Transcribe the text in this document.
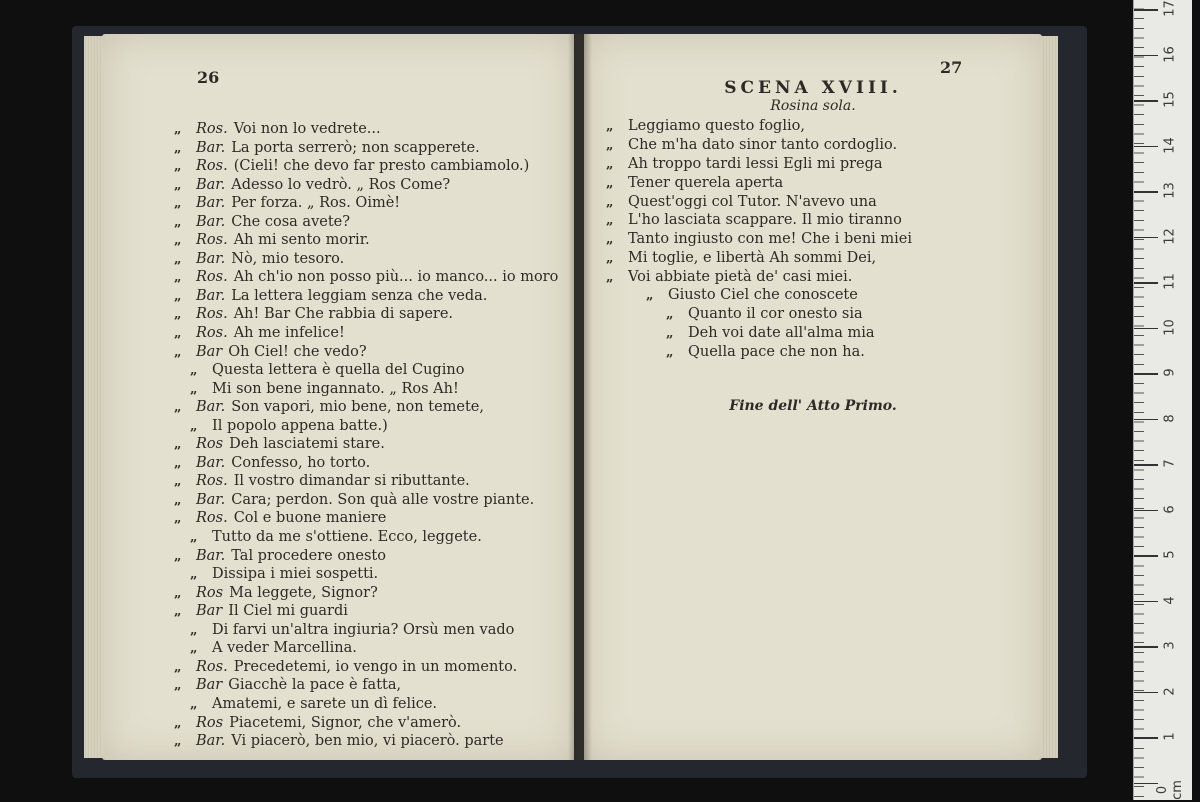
26
„	Ros. Voi non lo vedrete...
„	Bar. La porta serrerò; non scapperete.
„	Ros. (Cieli! che devo far presto cambiamolo.)
„	Bar. Adesso lo vedrò. „ Ros Come?
„	Bar. Per forza. „ Ros. Oimè!
„	Bar. Che cosa avete?
„	Ros. Ah mi sento morir.
„	Bar. Nò, mio tesoro.
„	Ros. Ah ch'io non posso più... io manco... io moro
„	Bar. La lettera leggiam senza che veda.
„	Ros. Ah! Bar Che rabbia di sapere.
„	Ros. Ah me infelice!
„	Bar Oh Ciel! che vedo?
„	Questa lettera è quella del Cugino
„	Mi son bene ingannato. „ Ros Ah!
„	Bar. Son vapori, mio bene, non temete,
„	Il popolo appena batte.)
„	Ros Deh lasciatemi stare.
„	Bar. Confesso, ho torto.
„	Ros. Il vostro dimandar si ributtante.
„	Bar. Cara; perdon. Son quà alle vostre piante.
„	Ros. Col e buone maniere
„	Tutto da me s'ottiene. Ecco, leggete.
„	Bar. Tal procedere onesto
„	Dissipa i miei sospetti.
„	Ros Ma leggete, Signor?
„	Bar Il Ciel mi guardi
„	Di farvi un'altra ingiuria? Orsù men vado
„	A veder Marcellina.
„	Ros. Precedetemi, io vengo in un momento.
„	Bar Giacchè la pace è fatta,
„	Amatemi, e sarete un dì felice.
„	Ros Piacetemi, Signor, che v'amerò.
„	Bar. Vi piacerò, ben mio, vi piacerò. parte
27
SCENA XVIII.
Rosina sola.
„	Leggiamo questo foglio,
„	Che m'ha dato sinor tanto cordoglio.
„	Ah troppo tardi lessi Egli mi prega
„	Tener querela aperta
„	Quest'oggi col Tutor. N'avevo una
„	L'ho lasciata scappare. Il mio tiranno
„	Tanto ingiusto con me! Che i beni miei
„	Mi toglie, e libertà Ah sommi Dei,
„	Voi abbiate pietà de' casi miei.
„	Giusto Ciel che conoscete
„	Quanto il cor onesto sia
„	Deh voi date all'alma mia
„	Quella pace che non ha.
Fine dell' Atto Primo.
17
16
15
14
13
12
11
10
9
8
7
6
5
4
3
2
1
0 cm
